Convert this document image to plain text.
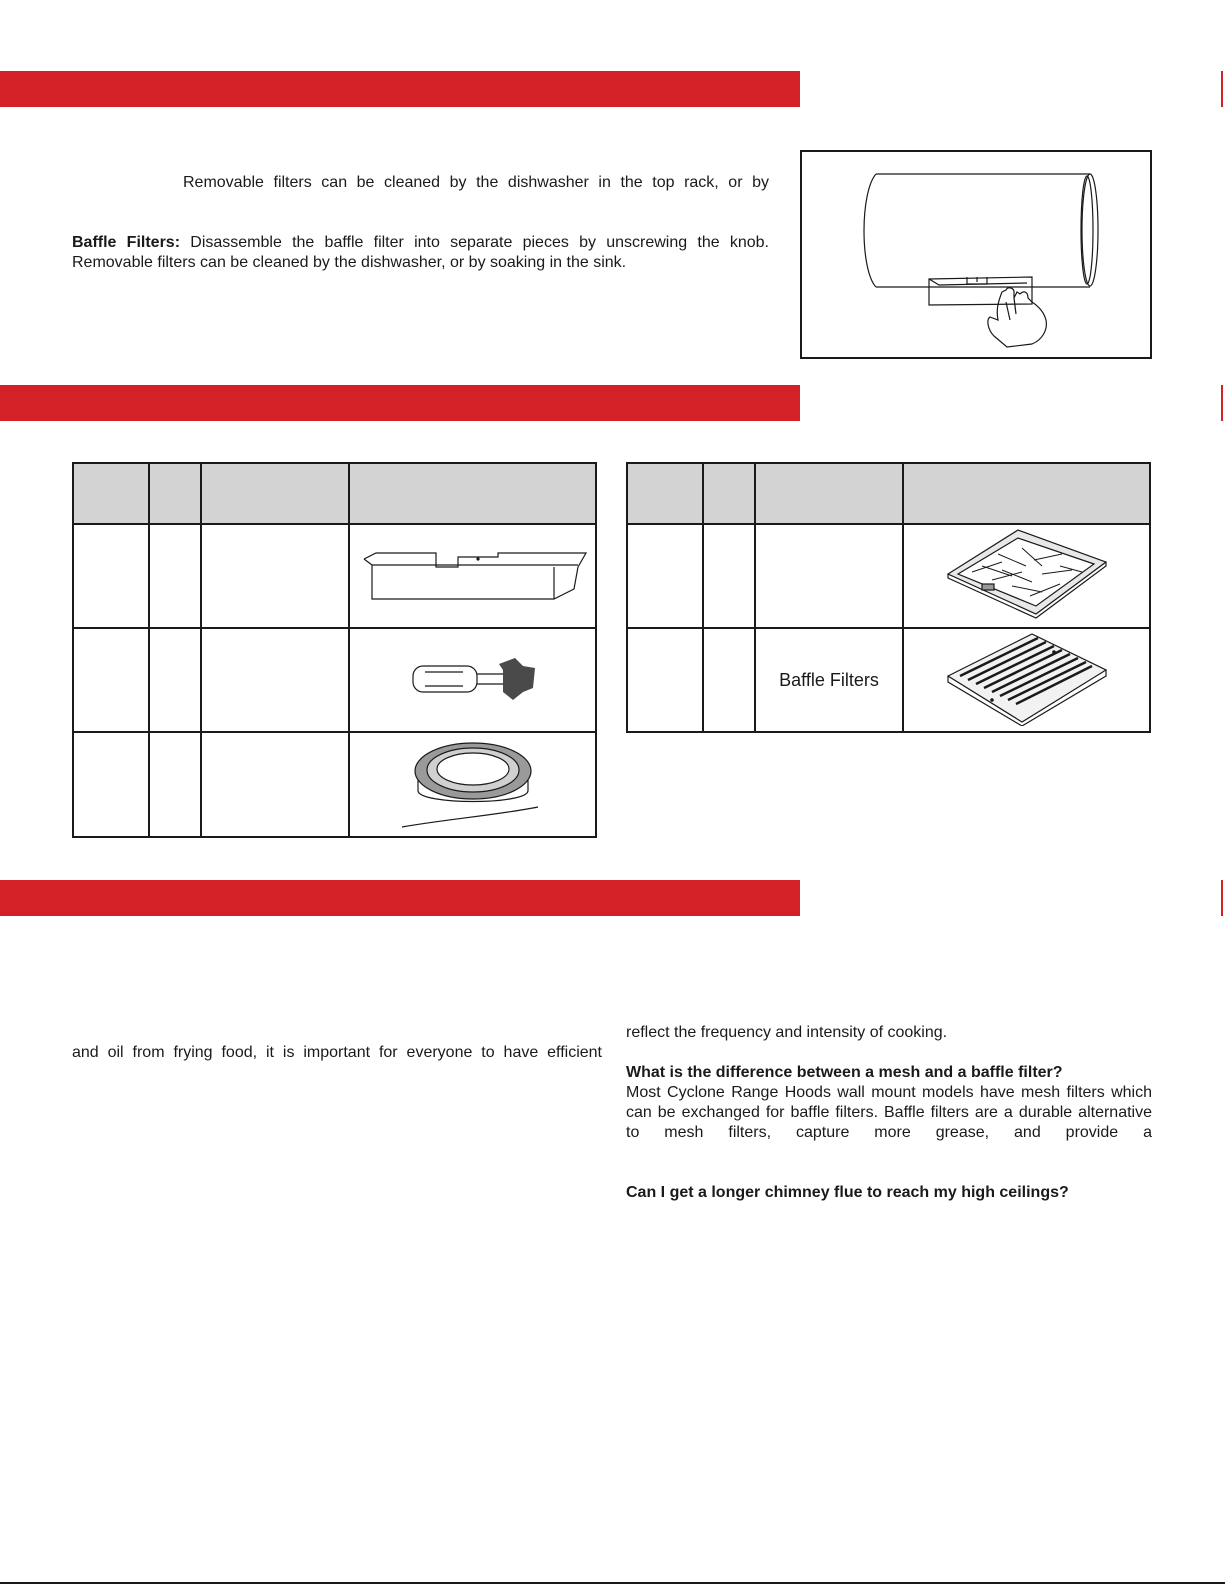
Removable filters can be cleaned by the dishwasher in the top rack, or by
Baffle Filters: Disassemble the baffle filter into separate pieces by unscrewing the knob. Removable filters can be cleaned by the dishwasher, or by soaking in the sink.

		Baffle Filters	
and oil from frying food, it is important for everyone to have efficient
reflect the frequency and intensity of cooking.
What is the difference between a mesh and a baffle filter?
Most Cyclone Range Hoods wall mount models have mesh filters which can be exchanged for baffle filters. Baffle filters are a durable alternative to mesh filters, capture more grease, and provide a
Can I get a longer chimney flue to reach my high ceilings?
